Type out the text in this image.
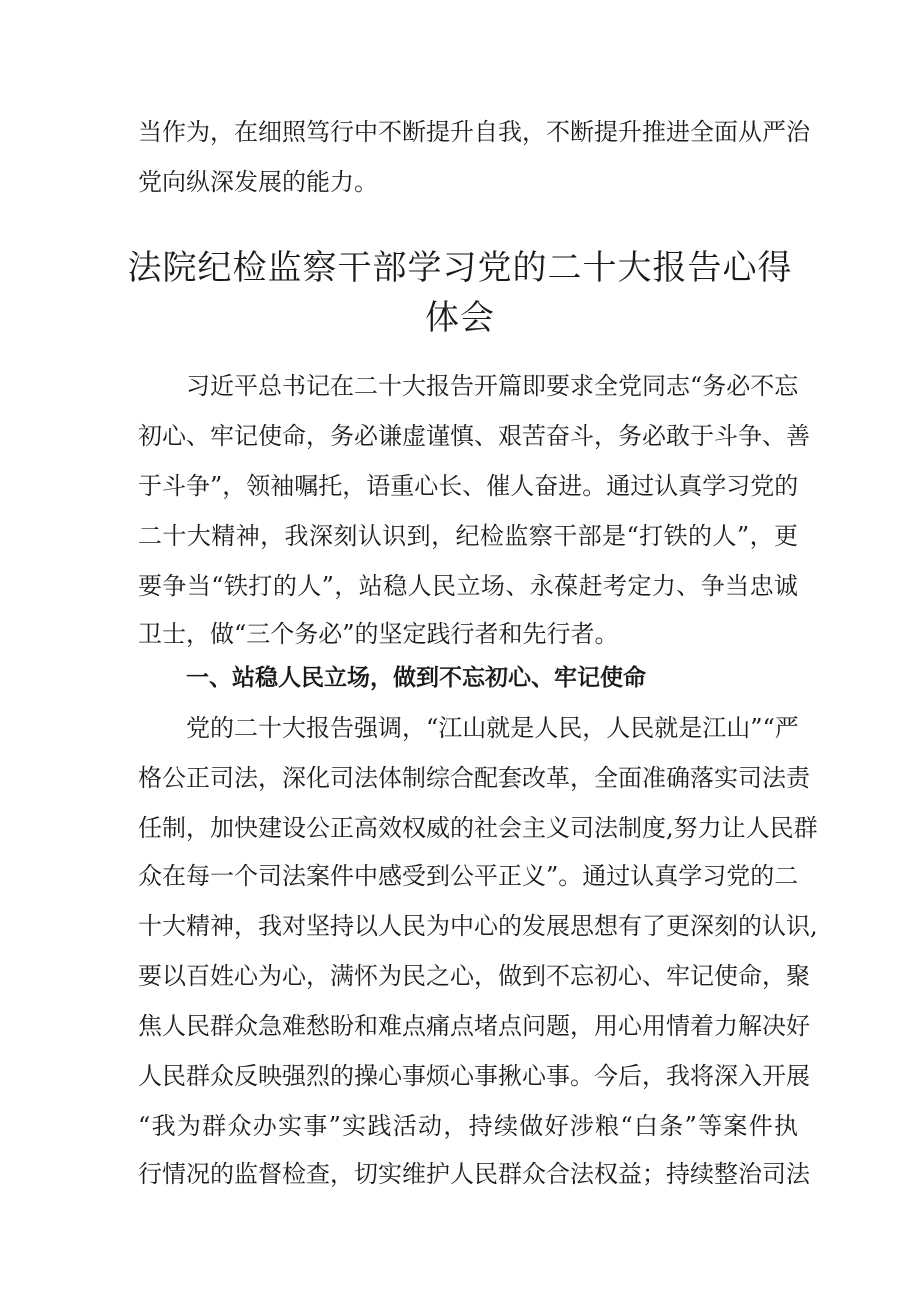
当作为，在细照笃行中不断提升自我，不断提升推进全面从严治
党向纵深发展的能力。
法院纪检监察干部学习党的二十大报告心得
体会
习近平总书记在二十大报告开篇即要求全党同志“务必不忘
初心、牢记使命，务必谦虚谨慎、艰苦奋斗，务必敢于斗争、善
于斗争”，领袖嘱托，语重心长、催人奋进。通过认真学习党的
二十大精神，我深刻认识到，纪检监察干部是“打铁的人”，更
要争当“铁打的人”，站稳人民立场、永葆赶考定力、争当忠诚
卫士，做“三个务必”的坚定践行者和先行者。
一、站稳人民立场，做到不忘初心、牢记使命
党的二十大报告强调，“江山就是人民，人民就是江山”“严
格公正司法，深化司法体制综合配套改革，全面准确落实司法责
任制，加快建设公正高效权威的社会主义司法制度,努力让人民群
众在每一个司法案件中感受到公平正义”。通过认真学习党的二
十大精神，我对坚持以人民为中心的发展思想有了更深刻的认识,
要以百姓心为心，满怀为民之心，做到不忘初心、牢记使命，聚
焦人民群众急难愁盼和难点痛点堵点问题，用心用情着力解决好
人民群众反映强烈的操心事烦心事揪心事。今后，我将深入开展
“我为群众办实事”实践活动，持续做好涉粮“白条”等案件执
行情况的监督检查，切实维护人民群众合法权益；持续整治司法
